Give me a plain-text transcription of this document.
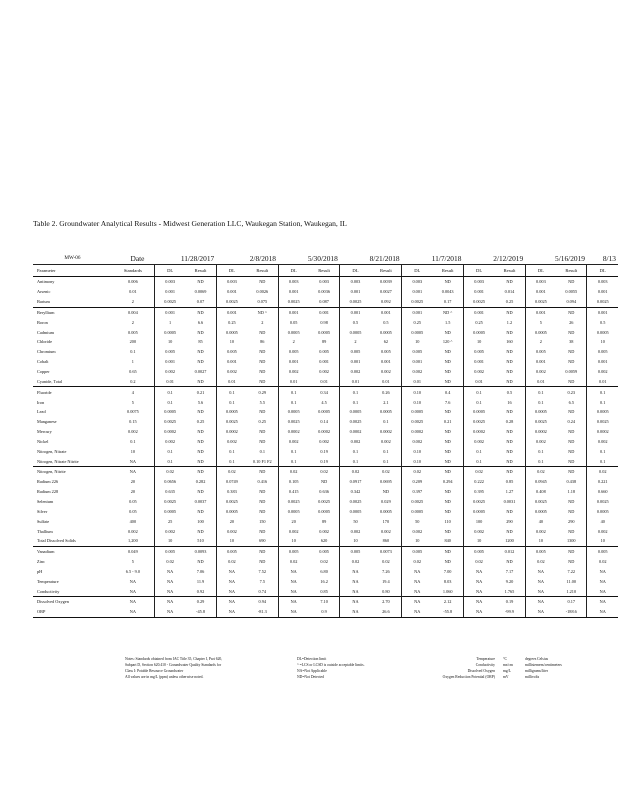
Table 2. Groundwater Analytical Results - Midwest Generation LLC, Waukegan Station, Waukegan, IL
MW-06	Date	11/28/2017		2/8/2018		5/30/2018		8/21/2018		11/7/2018		2/12/2019		5/16/2019		8/13
Parameter	Standards	DL	Result	DL	Result	DL	Result	DL	Result	DL	Result	DL	Result	DL	Result	DL
Antimony	0.006	0.003	ND	0.003	ND	0.003	0.003	0.003	0.0039	0.003	ND	0.003	ND	0.003	ND	0.003
Arsenic	0.01	0.001	0.0069	0.001	0.0026	0.001	0.0036	0.001	0.0027	0.001	0.0043	0.001	0.014	0.001	0.0055	0.001
Barium	2	0.0025	0.07	0.0025	0.075	0.0025	0.087	0.0025	0.092	0.0025	0.17	0.0025	0.25	0.0025	0.094	0.0025
Beryllium	0.004	0.001	ND	0.001	ND ^	0.001	0.001	0.001	0.001	0.001	ND ^	0.001	ND	0.001	ND	0.001
Boron	2	1	6.6	0.25	2	0.05	0.98	0.5	0.5	0.25	1.5	0.25	1.2	5	26	0.5
Cadmium	0.005	0.0005	ND	0.0005	ND	0.0005	0.0005	0.0005	0.0005	0.0005	ND	0.0005	ND	0.0005	ND	0.0005
Chloride	200	10	85	10	86	2	89	2	62	10	120 ^	10	160	2	38	10
Chromium	0.1	0.005	ND	0.005	ND	0.005	0.005	0.005	0.005	0.005	ND	0.005	ND	0.005	ND	0.005
Cobalt	1	0.001	ND	0.001	ND	0.001	0.001	0.001	0.001	0.001	ND	0.001	ND	0.001	ND	0.001
Copper	0.65	0.002	0.0027	0.002	ND	0.002	0.002	0.002	0.002	0.002	ND	0.002	ND	0.002	0.0059	0.002
Cyanide, Total	0.2	0.01	ND	0.01	ND	0.01	0.01	0.01	0.01	0.01	ND	0.01	ND	0.01	ND	0.01
Fluoride	4	0.1	0.21	0.1	0.29	0.1	0.34	0.1	0.26	0.10	0.4	0.1	0.5	0.1	0.23	0.1
Iron	5	0.1	5.6	0.1	5.5	0.1	4.5	0.1	2.1	0.10	7.6	0.1	16	0.1	6.5	0.1
Lead	0.0075	0.0005	ND	0.0005	ND	0.0005	0.0005	0.0005	0.0005	0.0005	ND	0.0005	ND	0.0005	ND	0.0005
Manganese	0.15	0.0025	0.25	0.0025	0.25	0.0025	0.14	0.0025	0.1	0.0025	0.21	0.0025	0.28	0.0025	0.24	0.0025
Mercury	0.002	0.0002	ND	0.0002	ND	0.0002	0.0002	0.0002	0.0002	0.0002	ND	0.0002	ND	0.0002	ND	0.0002
Nickel	0.1	0.002	ND	0.002	ND	0.002	0.002	0.002	0.002	0.002	ND	0.002	ND	0.002	ND	0.002
Nitrogen, Nitrate	10	0.1	ND	0.1	0.1	0.1	0.19	0.1	0.1	0.10	ND	0.1	ND	0.1	ND	0.1
Nitrogen, Nitrate Nitrite	NA	0.1	ND	0.1	0.10 F1 F2	0.1	0.19	0.1	0.1	0.10	ND	0.1	ND	0.1	ND	0.1
Nitrogen, Nitrite	NA	0.02	ND	0.02	ND	0.02	0.02	0.02	0.02	0.02	ND	0.02	ND	0.02	ND	0.02
Radium 226	20	0.0656	0.282	0.0749	0.416	0.105	ND	0.0917	0.0695	0.209	0.294	0.222	0.85	0.0945	0.438	0.221
Radium 228	20	0.635	ND	0.383	ND	0.415	0.636	0.342	ND	0.397	ND	0.395	1.27	0.408	1.18	0.660
Selenium	0.05	0.0025	0.0037	0.0025	ND	0.0025	0.0025	0.0025	0.029	0.0025	ND	0.0025	0.0031	0.0025	ND	0.0025
Silver	0.05	0.0005	ND	0.0005	ND	0.0005	0.0005	0.0005	0.0005	0.0005	ND	0.0005	ND	0.0005	ND	0.0005
Sulfate	400	25	100	20	150	20	89	50	170	50	110	100	290	40	290	40
Thallium	0.002	0.002	ND	0.002	ND	0.002	0.002	0.002	0.002	0.002	ND	0.002	ND	0.002	ND	0.002
Total Dissolved Solids	1,200	10	510	10	690	10	620	10	860	10	840	10	1200	10	1300	10
Vanadium	0.049	0.005	0.0093	0.005	ND	0.005	0.005	0.005	0.0073	0.005	ND	0.005	0.012	0.005	ND	0.005
Zinc	5	0.02	ND	0.02	ND	0.02	0.02	0.02	0.02	0.02	ND	0.02	ND	0.02	ND	0.02
pH	6.5 - 9.0	NA	7.06	NA	7.52	NA	6.80	NA	7.26	NA	7.00	NA	7.17	NA	7.22	NA
Temperature	NA	NA	11.9	NA	7.5	NA	16.2	NA	19.4	NA	8.03	NA	9.20	NA	11.00	NA
Conductivity	NA	NA	0.92	NA	0.74	NA	0.85	NA	0.80	NA	1.060	NA	1.765	NA	1.210	NA
Dissolved Oxygen	NA	NA	0.29	NA	0.94	NA	7.10	NA	2.70	NA	2.12	NA	0.19	NA	0.17	NA
ORP	NA	NA	-45.8	NA	-81.3	NA	0.9	NA	26.6	NA	-55.8	NA	-99.9	NA	-188.6	NA
Notes: Standards obtained from IAC Title 35, Chapter I, Part 620,
Subpart D, Section 620.410 - Groundwater Quality Standards for
Class I: Potable Resource Groundwater
All values are in mg/L (ppm) unless otherwise noted.
DL=Detection limit
^ =LCS or LCSD is outside acceptable limits.
NA=Not Applicable
ND=Not Detected
Temperature °C	degrees Celsius
Conductivity ms/cm	millisiemens/centimeters
Dissolved Oxygen mg/L	milligrams/liter
Oxygen Reduction Potential (ORP) mV	millivolts
